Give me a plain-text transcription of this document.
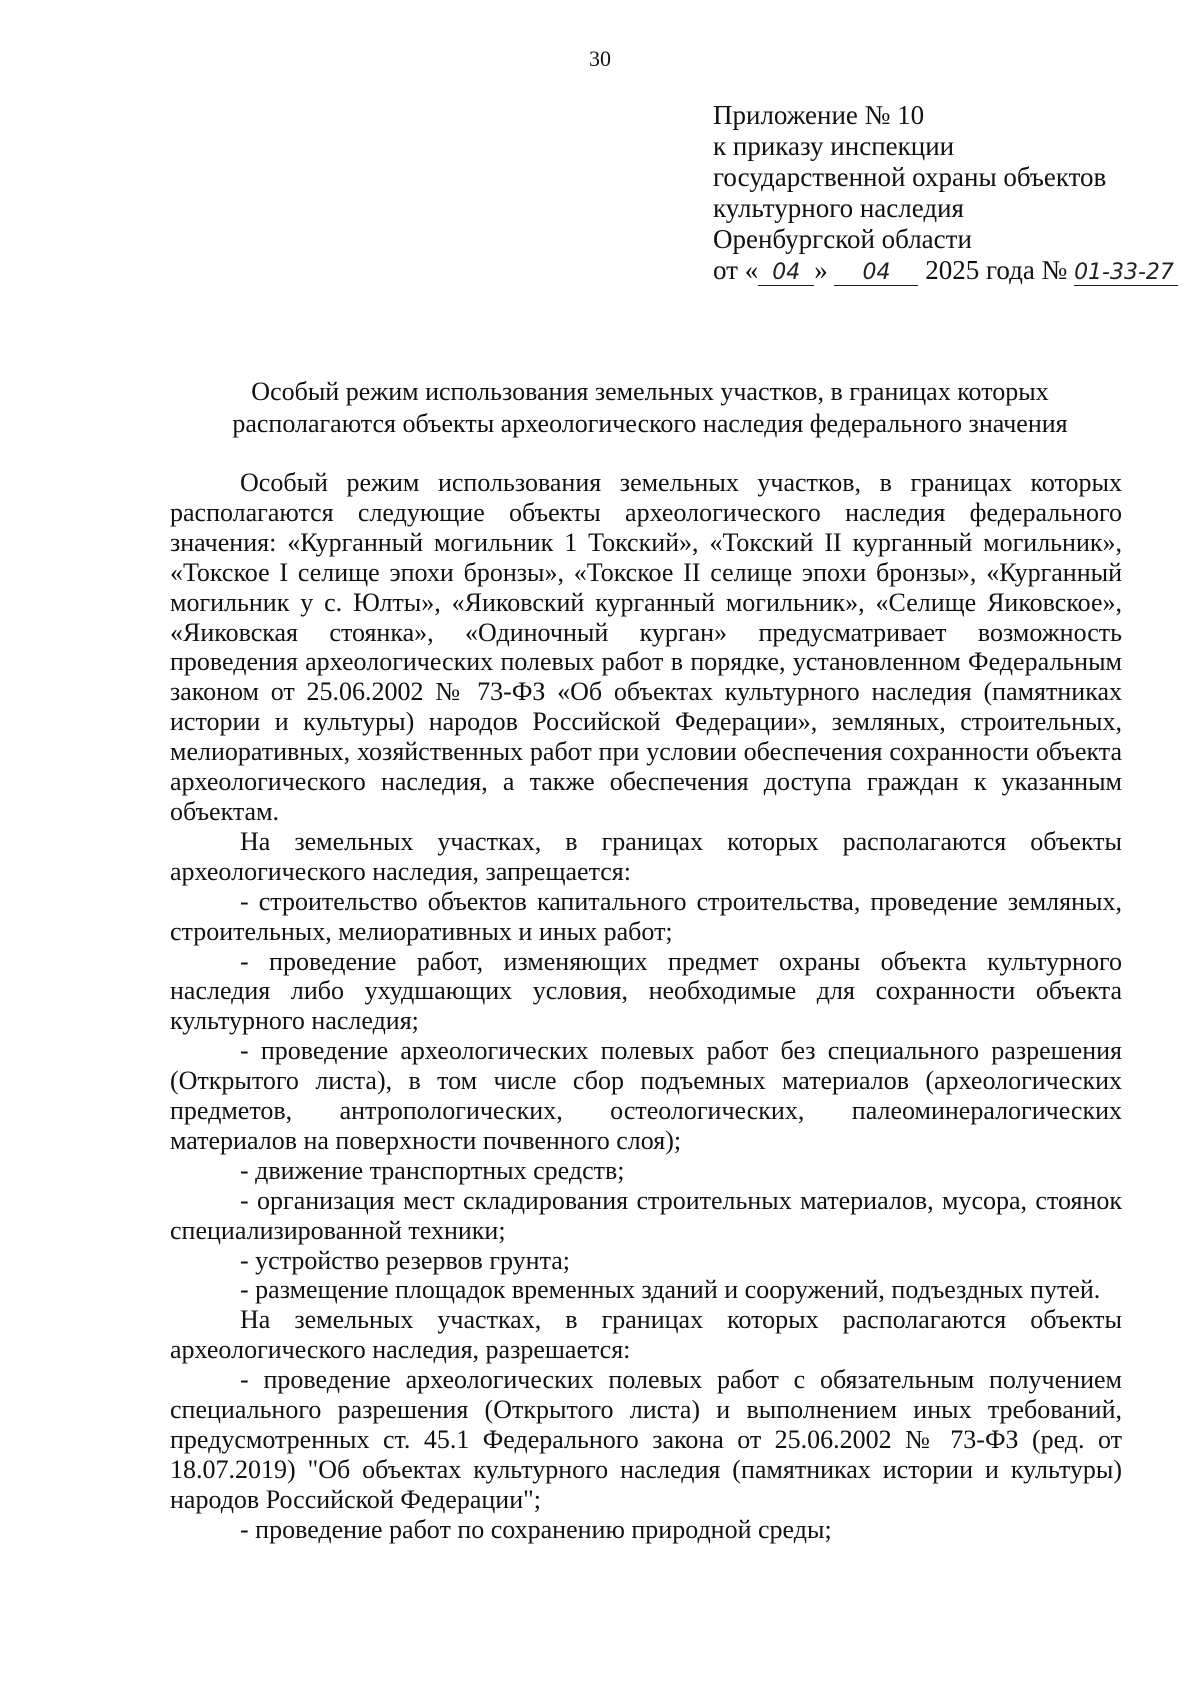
30
Приложение № 10
к приказу инспекции
государственной охраны объектов
культурного наследия
Оренбургской области
от « 04 » 04 2025 года № 01-33-27
Особый режим использования земельных участков, в границах которых
располагаются объекты археологического наследия федерального значения

Особый режим использования земельных участков, в границах которых располагаются следующие объекты археологического наследия федерального значения: «Курганный могильник 1 Токский», «Токский II курганный могильник», «Токское I селище эпохи бронзы», «Токское II селище эпохи бронзы», «Курганный могильник у с. Юлты», «Яиковский курганный могильник», «Селище Яиковское», «Яиковская стоянка», «Одиночный курган» предусматривает возможность проведения археологических полевых работ в порядке, установленном Федеральным законом от 25.06.2002 № 73-ФЗ «Об объектах культурного наследия (памятниках истории и культуры) народов Российской Федерации», земляных, строительных, мелиоративных, хозяйственных работ при условии обеспечения сохранности объекта археологического наследия, а также обеспечения доступа граждан к указанным объектам.

На земельных участках, в границах которых располагаются объекты археологического наследия, запрещается:

- строительство объектов капитального строительства, проведение земляных, строительных, мелиоративных и иных работ;

- проведение работ, изменяющих предмет охраны объекта культурного наследия либо ухудшающих условия, необходимые для сохранности объекта культурного наследия;

- проведение археологических полевых работ без специального разрешения (Открытого листа), в том числе сбор подъемных материалов (археологических предметов, антропологических, остеологических, палеоминералогических материалов на поверхности почвенного слоя);

- движение транспортных средств;

- организация мест складирования строительных материалов, мусора, стоянок специализированной техники;

- устройство резервов грунта;

- размещение площадок временных зданий и сооружений, подъездных путей.

На земельных участках, в границах которых располагаются объекты археологического наследия, разрешается:

- проведение археологических полевых работ с обязательным получением специального разрешения (Открытого листа) и выполнением иных требований, предусмотренных ст. 45.1 Федерального закона от 25.06.2002 № 73-ФЗ (ред. от 18.07.2019) "Об объектах культурного наследия (памятниках истории и культуры) народов Российской Федерации";

- проведение работ по сохранению природной среды;
